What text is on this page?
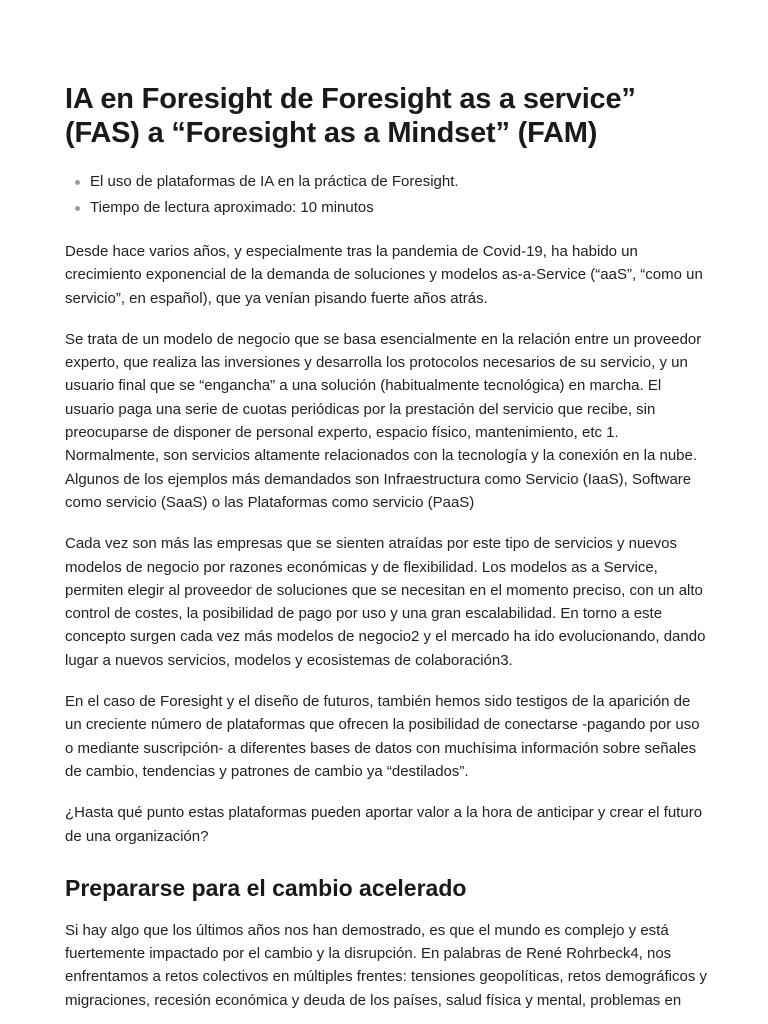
IA en Foresight de Foresight as a service” (FAS) a “Foresight as a Mindset” (FAM)
El uso de plataformas de IA en la práctica de Foresight.
Tiempo de lectura aproximado: 10 minutos

Desde hace varios años, y especialmente tras la pandemia de Covid-19, ha habido un crecimiento exponencial de la demanda de soluciones y modelos as-a-Service (“aaS”, “como un servicio”, en español), que ya venían pisando fuerte años atrás.

Se trata de un modelo de negocio que se basa esencialmente en la relación entre un proveedor experto, que realiza las inversiones y desarrolla los protocolos necesarios de su servicio, y un usuario final que se “engancha” a una solución (habitualmente tecnológica) en marcha. El usuario paga una serie de cuotas periódicas por la prestación del servicio que recibe, sin preocuparse de disponer de personal experto, espacio físico, mantenimiento, etc 1. Normalmente, son servicios altamente relacionados con la tecnología y la conexión en la nube. Algunos de los ejemplos más demandados son Infraestructura como Servicio (IaaS), Software como servicio (SaaS) o las Plataformas como servicio (PaaS)

Cada vez son más las empresas que se sienten atraídas por este tipo de servicios y nuevos modelos de negocio por razones económicas y de flexibilidad. Los modelos as a Service, permiten elegir al proveedor de soluciones que se necesitan en el momento preciso, con un alto control de costes, la posibilidad de pago por uso y una gran escalabilidad. En torno a este concepto surgen cada vez más modelos de negocio2 y el mercado ha ido evolucionando, dando lugar a nuevos servicios, modelos y ecosistemas de colaboración3.

En el caso de Foresight y el diseño de futuros, también hemos sido testigos de la aparición de un creciente número de plataformas que ofrecen la posibilidad de conectarse -pagando por uso o mediante suscripción- a diferentes bases de datos con muchísima información sobre señales de cambio, tendencias y patrones de cambio ya “destilados”.

¿Hasta qué punto estas plataformas pueden aportar valor a la hora de anticipar y crear el futuro de una organización?

Prepararse para el cambio acelerado

Si hay algo que los últimos años nos han demostrado, es que el mundo es complejo y está fuertemente impactado por el cambio y la disrupción. En palabras de René Rohrbeck4, nos enfrentamos a retos colectivos en múltiples frentes: tensiones geopolíticas, retos demográficos y migraciones, recesión económica y deuda de los países, salud física y mental, problemas en
